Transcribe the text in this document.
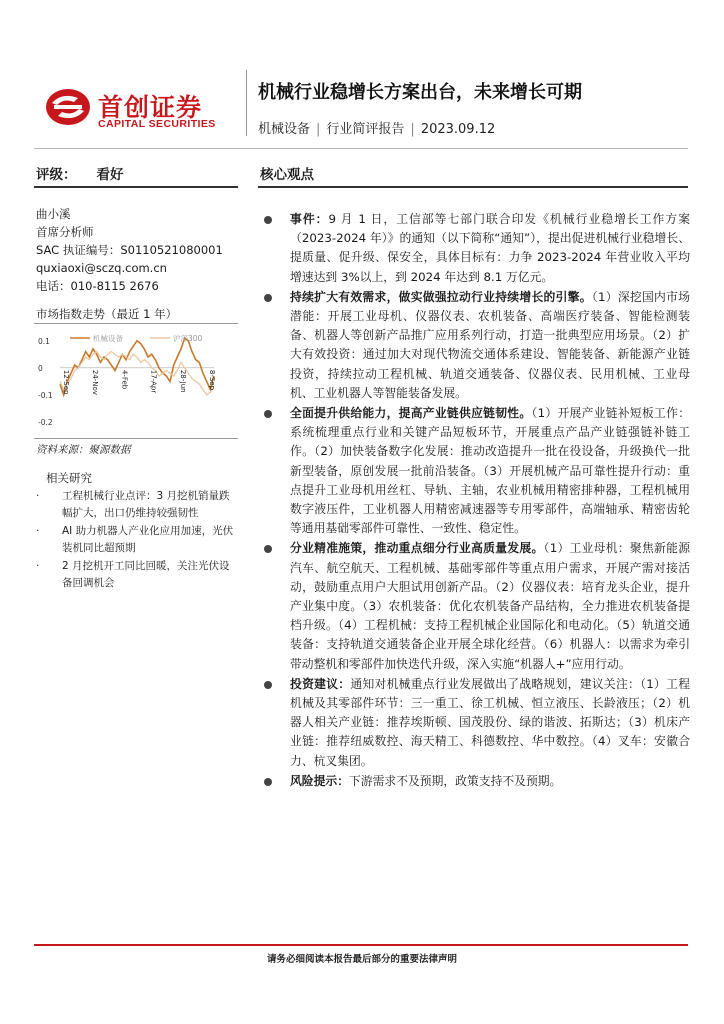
首创证券
CAPITAL SECURITIES
机械行业稳增长方案出台，未来增长可期
机械设备 | 行业简评报告 | 2023.09.12
评级： 看好	核心观点
曲小溪
首席分析师
SAC 执证编号：S0110521080001
quxiaoxi@sczq.com.cn
电话：010-8115 2676
市场指数走势（最近 1 年）
0.1
0
-0.1
-0.2
机械设备	沪深300
12-Sep	24-Nov	4-Feb	17-Apr	28-Jun	8-Sep
资料来源：聚源数据
相关研究
· 工程机械行业点评：3 月挖机销量跌幅扩大，出口仍维持较强韧性
· AI 助力机器人产业化应用加速，光伏装机同比超预期
· 2 月挖机开工同比回暖，关注光伏设备回调机会
事件：9 月 1 日，工信部等七部门联合印发《机械行业稳增长工作方案（2023-2024 年）》的通知（以下简称“通知”），提出促进机械行业稳增长、提质量、促升级、保安全，具体目标有：力争 2023-2024 年营业收入平均增速达到 3%以上，到 2024 年达到 8.1 万亿元。
持续扩大有效需求，做实做强拉动行业持续增长的引擎。（1）深挖国内市场潜能：开展工业母机、仪器仪表、农机装备、高端医疗装备、智能检测装备、机器人等创新产品推广应用系列行动，打造一批典型应用场景。（2）扩大有效投资：通过加大对现代物流交通体系建设、智能装备、新能源产业链投资，持续拉动工程机械、轨道交通装备、仪器仪表、民用机械、工业母机、工业机器人等智能装备发展。
全面提升供给能力，提高产业链供应链韧性。（1）开展产业链补短板工作：系统梳理重点行业和关键产品短板环节，开展重点产品产业链强链补链工作。（2）加快装备数字化发展：推动改造提升一批在役设备，升级换代一批新型装备，原创发展一批前沿装备。（3）开展机械产品可靠性提升行动：重点提升工业母机用丝杠、导轨、主轴，农业机械用精密排种器，工程机械用数字液压件，工业机器人用精密减速器等专用零部件，高端轴承、精密齿轮等通用基础零部件可靠性、一致性、稳定性。
分业精准施策，推动重点细分行业高质量发展。（1）工业母机：聚焦新能源汽车、航空航天、工程机械、基础零部件等重点用户需求，开展产需对接活动，鼓励重点用户大胆试用创新产品。（2）仪器仪表：培育龙头企业，提升产业集中度。（3）农机装备：优化农机装备产品结构，全力推进农机装备提档升级。（4）工程机械：支持工程机械企业国际化和电动化。（5）轨道交通装备：支持轨道交通装备企业开展全球化经营。（6）机器人：以需求为牵引带动整机和零部件加快迭代升级，深入实施“机器人+”应用行动。
投资建议：通知对机械重点行业发展做出了战略规划，建议关注：（1）工程机械及其零部件环节：三一重工、徐工机械、恒立液压、长龄液压；（2）机器人相关产业链：推荐埃斯顿、国茂股份、绿的谐波、拓斯达；（3）机床产业链：推荐纽威数控、海天精工、科德数控、华中数控。（4）叉车：安徽合力、杭叉集团。
风险提示：下游需求不及预期，政策支持不及预期。
请务必细阅读本报告最后部分的重要法律声明
